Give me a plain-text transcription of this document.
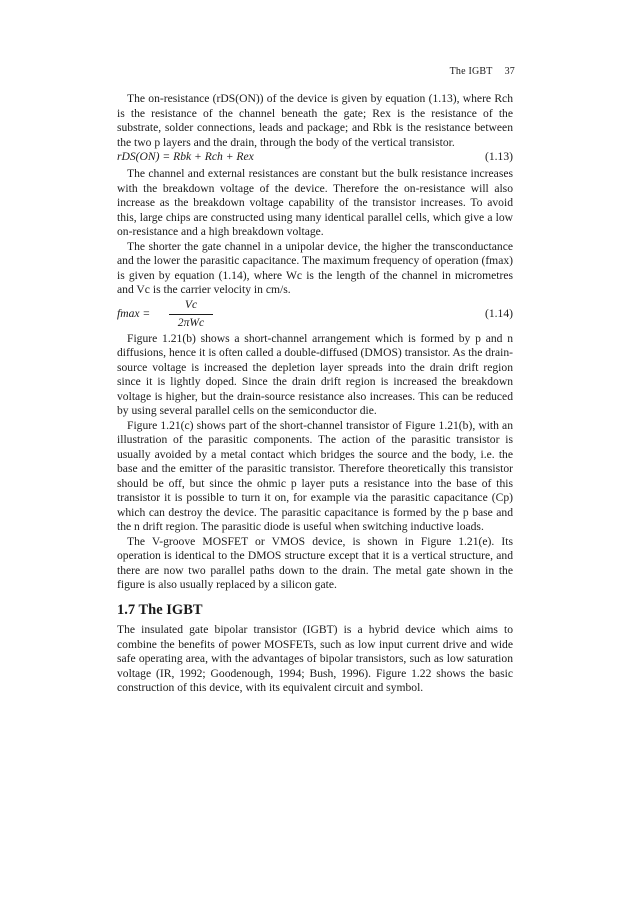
The IGBT 37

The on-resistance (rDS(ON)) of the device is given by equation (1.13), where Rch is the resistance of the channel beneath the gate; Rex is the resistance of the substrate, solder connections, leads and package; and Rbk is the resistance between the two p layers and the drain, through the body of the vertical transistor.

rDS(ON) = Rbk + Rch + Rex	(1.13)

The channel and external resistances are constant but the bulk resistance increases with the breakdown voltage of the device. Therefore the on-resistance will also increase as the breakdown voltage capability of the transistor increases. To avoid this, large chips are constructed using many identical parallel cells, which give a low on-resistance and a high breakdown voltage.

The shorter the gate channel in a unipolar device, the higher the transconductance and the lower the parasitic capacitance. The maximum frequency of operation (fmax) is given by equation (1.14), where Wc is the length of the channel in micrometres and Vc is the carrier velocity in cm/s.

fmax =
Vc
2πWc
(1.14)

Figure 1.21(b) shows a short-channel arrangement which is formed by p and n diffusions, hence it is often called a double-diffused (DMOS) transistor. As the drain-source voltage is increased the depletion layer spreads into the drain drift region since it is lightly doped. Since the drain drift region is increased the breakdown voltage is higher, but the drain-source resistance also increases. This can be reduced by using several parallel cells on the semiconductor die.

Figure 1.21(c) shows part of the short-channel transistor of Figure 1.21(b), with an illustration of the parasitic components. The action of the parasitic transistor is usually avoided by a metal contact which bridges the source and the body, i.e. the base and the emitter of the parasitic transistor. Therefore theoretically this transistor should be off, but since the ohmic p layer puts a resistance into the base of this transistor it is possible to turn it on, for example via the parasitic capacitance (Cp) which can destroy the device. The parasitic capacitance is formed by the p base and the n drift region. The parasitic diode is useful when switching inductive loads.

The V-groove MOSFET or VMOS device, is shown in Figure 1.21(e). Its operation is identical to the DMOS structure except that it is a vertical structure, and there are now two parallel paths down to the drain. The metal gate shown in the figure is also usually replaced by a silicon gate.

1.7 The IGBT

The insulated gate bipolar transistor (IGBT) is a hybrid device which aims to combine the benefits of power MOSFETs, such as low input current drive and wide safe operating area, with the advantages of bipolar transistors, such as low saturation voltage (IR, 1992; Goodenough, 1994; Bush, 1996). Figure 1.22 shows the basic construction of this device, with its equivalent circuit and symbol.
